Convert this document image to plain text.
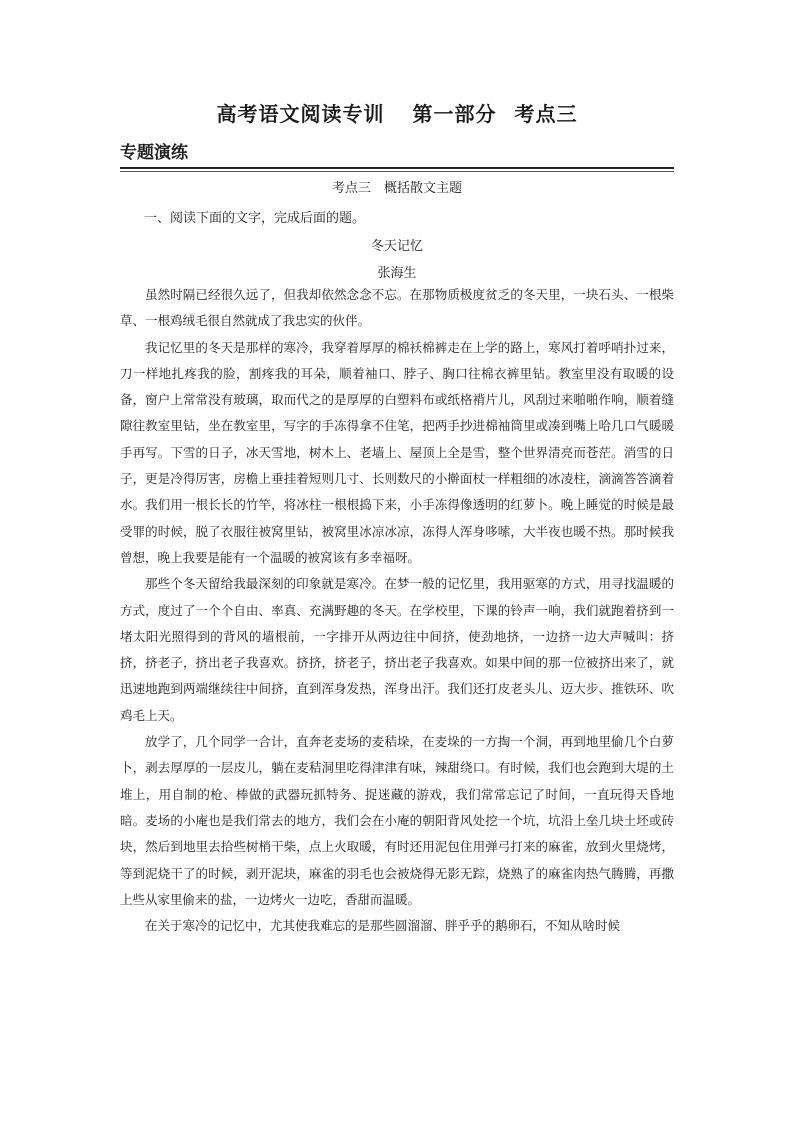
高考语文阅读专训 第一部分 考点三
专题演练
考点三　概括散文主题
一、阅读下面的文字，完成后面的题。
冬天记忆
张海生

虽然时隔已经很久远了，但我却依然念念不忘。在那物质极度贫乏的冬天里，一块石头、一根柴草、一根鸡绒毛很自然就成了我忠实的伙伴。

我记忆里的冬天是那样的寒冷，我穿着厚厚的棉袄棉裤走在上学的路上，寒风打着呼哨扑过来，刀一样地扎疼我的脸，割疼我的耳朵，顺着袖口、脖子、胸口往棉衣裤里钻。教室里没有取暖的设备，窗户上常常没有玻璃，取而代之的是厚厚的白塑料布或纸格褙片儿，风刮过来啪啪作响，顺着缝隙往教室里钻，坐在教室里，写字的手冻得拿不住笔，把两手抄进棉袖筒里或凑到嘴上哈几口气暖暖手再写。下雪的日子，冰天雪地，树木上、老墙上、屋顶上全是雪，整个世界清亮而苍茫。消雪的日子，更是冷得厉害，房檐上垂挂着短则几寸、长则数尺的小擀面杖一样粗细的冰凌柱，滴滴答答滴着水。我们用一根长长的竹竿，将冰柱一根根捣下来，小手冻得像透明的红萝卜。晚上睡觉的时候是最受罪的时候，脱了衣服往被窝里钻，被窝里冰凉冰凉，冻得人浑身哆嗦，大半夜也暖不热。那时候我曾想，晚上我要是能有一个温暖的被窝该有多幸福呀。

那些个冬天留给我最深刻的印象就是寒冷。在梦一般的记忆里，我用驱寒的方式，用寻找温暖的方式，度过了一个个自由、率真、充满野趣的冬天。在学校里，下课的铃声一响，我们就跑着挤到一堵太阳光照得到的背风的墙根前，一字排开从两边往中间挤，使劲地挤，一边挤一边大声喊叫：挤挤，挤老子，挤出老子我喜欢。挤挤，挤老子，挤出老子我喜欢。如果中间的那一位被挤出来了，就迅速地跑到两端继续往中间挤，直到浑身发热，浑身出汗。我们还打皮老头儿、迈大步、推铁环、吹鸡毛上天。

放学了，几个同学一合计，直奔老麦场的麦秸垛，在麦垛的一方掏一个洞，再到地里偷几个白萝卜，剥去厚厚的一层皮儿，躺在麦秸洞里吃得津津有味，辣甜绕口。有时候，我们也会跑到大堤的土堆上，用自制的枪、棒做的武器玩抓特务、捉迷藏的游戏，我们常常忘记了时间，一直玩得天昏地暗。麦场的小庵也是我们常去的地方，我们会在小庵的朝阳背风处挖一个坑，坑沿上垒几块土坯或砖块，然后到地里去拾些树梢干柴，点上火取暖，有时还用泥包住用弹弓打来的麻雀，放到火里烧烤，等到泥烧干了的时候，剥开泥块，麻雀的羽毛也会被烧得无影无踪，烧熟了的麻雀肉热气腾腾，再撒上些从家里偷来的盐，一边烤火一边吃，香甜而温暖。

在关于寒冷的记忆中，尤其使我难忘的是那些圆溜溜、胖乎乎的鹅卵石，不知从啥时候
